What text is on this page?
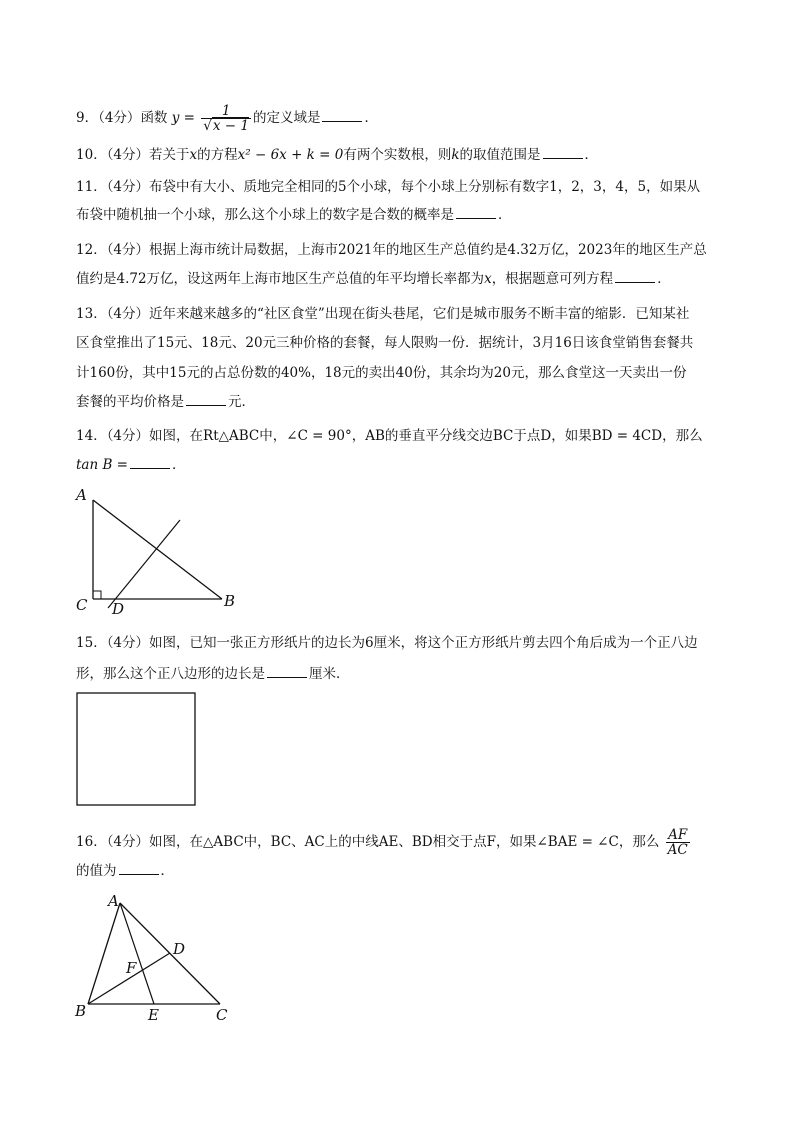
9．（4分）函数 $y = \frac{1}{√x - 1}$ 的定义域是	．
10．（4分）若关于x的方程x² − 6x + k = 0有两个实数根，则k的取值范围是	．
11．（4分）布袋中有大小、质地完全相同的5个小球，每个小球上分别标有数字1，2，3，4，5，如果从
布袋中随机抽一个小球，那么这个小球上的数字是合数的概率是	．
12．（4分）根据上海市统计局数据，上海市2021年的地区生产总值约是4.32万亿，2023年的地区生产总
值约是4.72万亿，设这两年上海市地区生产总值的年平均增长率都为x，根据题意可列方程	．
13．（4分）近年来越来越多的“社区食堂”出现在街头巷尾，它们是城市服务不断丰富的缩影．已知某社
区食堂推出了15元、18元、20元三种价格的套餐，每人限购一份．据统计，3月16日该食堂销售套餐共
计160份，其中15元的占总份数的40%，18元的卖出40份，其余均为20元，那么食堂这一天卖出一份
套餐的平均价格是	元．
14．（4分）如图，在Rt△ABC中，∠C = 90°，AB的垂直平分线交边BC于点D，如果BD = 4CD，那么
tan B =	．
A
C D	B
15．（4分）如图，已知一张正方形纸片的边长为6厘米，将这个正方形纸片剪去四个角后成为一个正八边
形，那么这个正八边形的边长是	厘米．
16．（4分）如图，在△ABC中，BC、AC上的中线AE、BD相交于点F，如果∠BAE = ∠C，那么 $\frac{AF}{AC}$
的值为	．
A
D
F
B	E	C
